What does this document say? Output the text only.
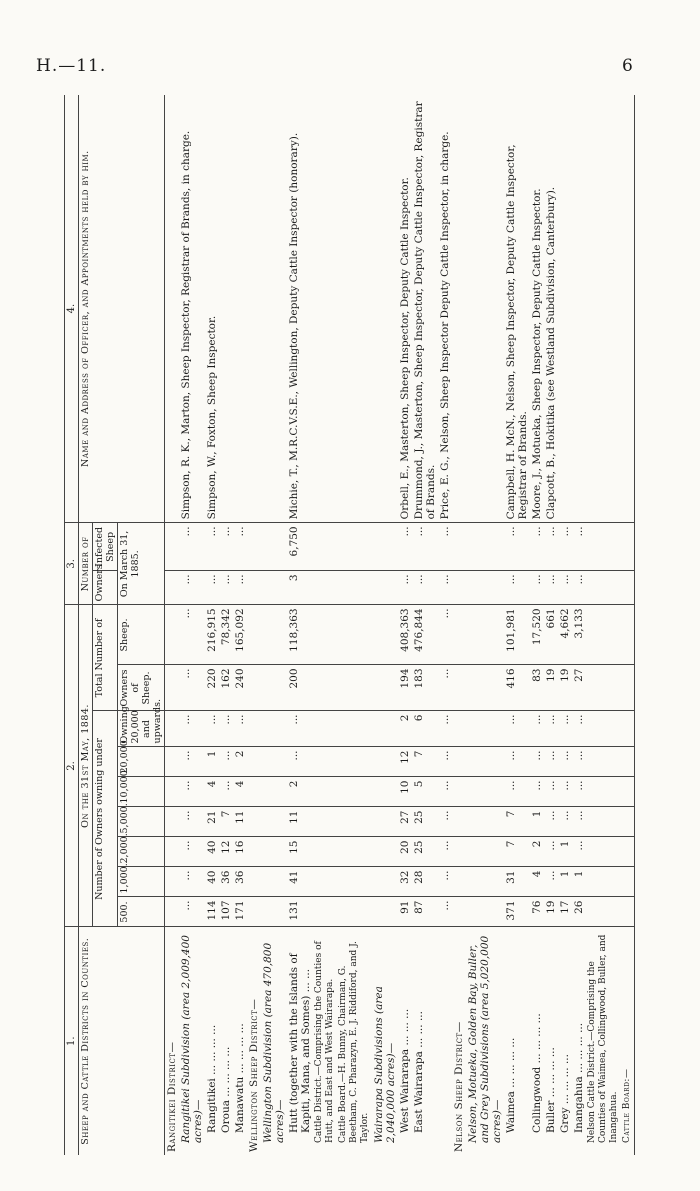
H.—11.	6
1.	2.									3.		4.
Sheep and Cattle Districts in Counties.	On the 31st May, 1884.									Number of		Name and Address of Officer, and Appointments held by him.
	Number of Owners owning under							Total Number of		Owners	Infected Sheep	
	500.	1,000.	2,000.	5,000.	10,000.	20,000.	Owning 20,000 and upwards.	Owners of Sheep.	Sheep.	On March 31, 1885.		
Rangitikei District—												
Rangitikei Subdivision (area 2,009,400 acres)—	...	...	...	...	...	...	...	...	...	...	...	Simpson, R. K., Marton, Sheep Inspector, Registrar of Brands, in charge.
Rangitikei ... ... ... ...	114	40	40	21	4	1	...	220	216,915	...	...	Simpson, W., Foxton, Sheep Inspector.
Oroua ... ... ... ...	107	36	12	7	...	...	...	162	78,342	...	...	
Manawatu ... ... ... ...	171	36	16	11	4	2	...	240	165,092	...	...	
Wellington Sheep District—												
Wellington Subdivision (area 470,800 acres)—												
Hutt (together with the Islands of Kapiti, Mana, and Somes) ... ...	131	41	15	11	2	...	...	200	118,363	3	6,750	Michie, T., M.R.C.V.S.E., Wellington, Deputy Cattle Inspector (honorary).
Cattle District.—Comprising the Counties of Hutt, and East and West Wairarapa.												
Cattle Board.—H. Bunny, Chairman, G. Beetham, C. Pharazyn, E. J. Riddiford, and J. Taylor.												
Wairarapa Subdivisions (area 2,040,000 acres)—												
West Wairarapa ... ... ...	91	32	20	27	10	12	2	194	408,363	...	...	Orbell, E., Masterton, Sheep Inspector, Deputy Cattle Inspector.
East Wairarapa ... ... ...	87	28	25	25	5	7	6	183	476,844	...	...	Drummond, J., Masterton, Sheep Inspector, Deputy Cattle Inspector, Registrar of Brands.
	...	...	...	...	...	...	...	...	...	...	...	Price, E. G., Nelson, Sheep Inspector Deputy Cattle Inspector, in charge.
Nelson Sheep District—												
Nelson, Motueka, Golden Bay, Buller, and Grey Subdivisions (area 5,020,000 acres)—												
Waimea ... ... ... ...	371	31	7	7	...	...	...	416	101,981	...	...	Campbell, H. McN., Nelson, Sheep Inspector, Deputy Cattle Inspector, Registrar of Brands.
Collingwood ... ... ... ...	76	4	2	1	...	...	...	83	17,520	...	...	Moore, J., Motueka, Sheep Inspector, Deputy Cattle Inspector.
Buller ... ... ... ...	19	...	...	...	...	...	...	19	661	...	...	Clapcott, B., Hokitika (see Westland Subdivision, Canterbury).
Grey ... ... ... ...	17	1	1	...	...	...	...	19	4,662	...	...	
Inangahua ... ... ... ...	26	1	...	...	...	...	...	27	3,133	...	...	
Nelson Cattle District.—Comprising the Counties of Waimea, Collingwood, Buller, and Inangahua.												
Cattle Board:—												
